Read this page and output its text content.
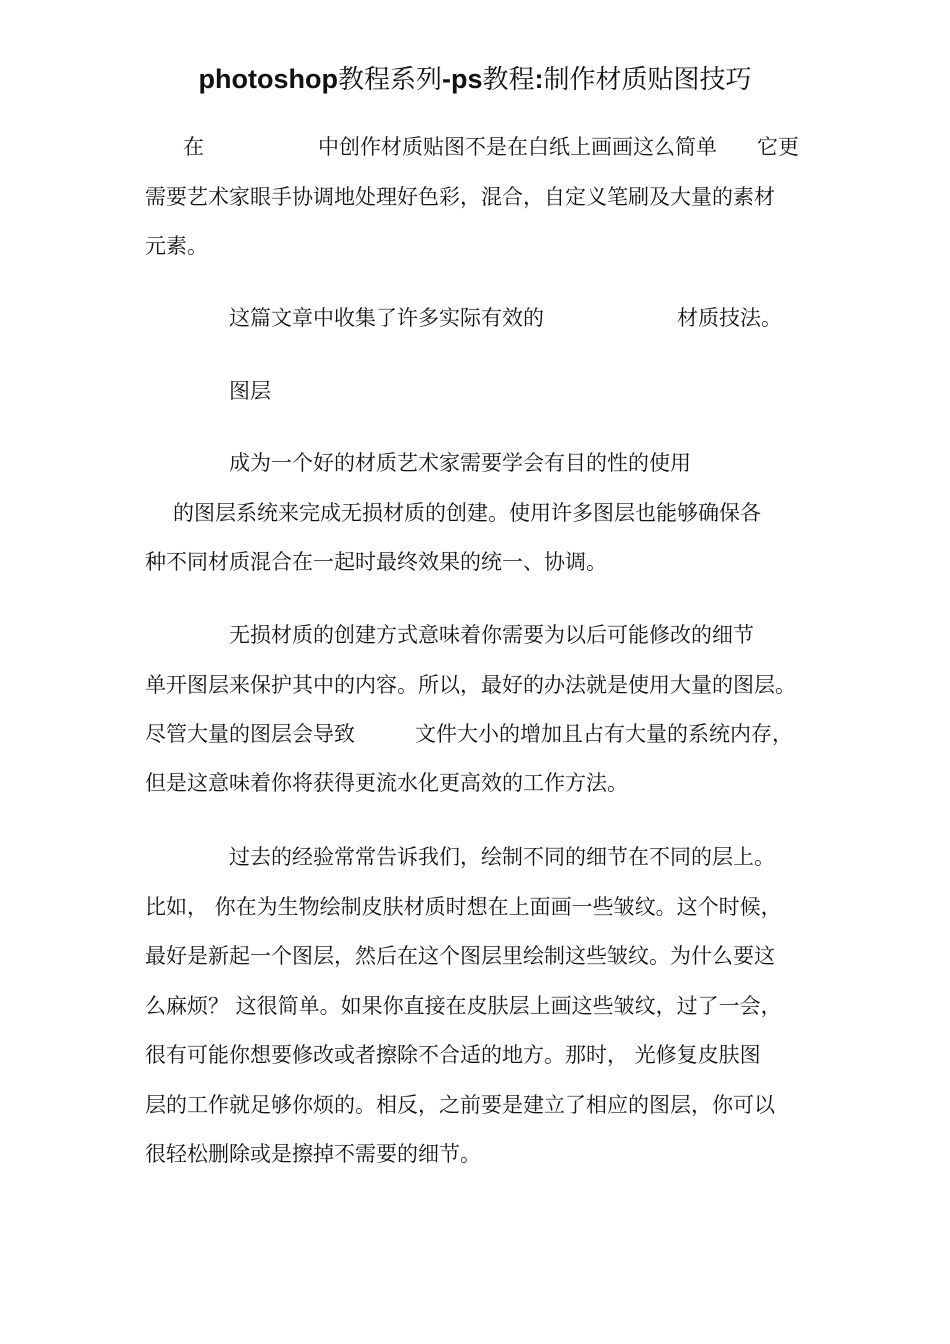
photoshop教程系列-ps教程:制作材质贴图技巧
在	中创作材质贴图不是在白纸上画画这么简单 它更
需要艺术家眼手协调地处理好色彩，混合，自定义笔刷及大量的素材
元素。
这篇文章中收集了许多实际有效的	材质技法。
图层
成为一个好的材质艺术家需要学会有目的性的使用
的图层系统来完成无损材质的创建。使用许多图层也能够确保各
种不同材质混合在一起时最终效果的统一、协调。
无损材质的创建方式意味着你需要为以后可能修改的细节
单开图层来保护其中的内容。所以，最好的办法就是使用大量的图层。
尽管大量的图层会导致	文件大小的增加且占有大量的系统内存，
但是这意味着你将获得更流水化更高效的工作方法。
过去的经验常常告诉我们，绘制不同的细节在不同的层上。
比如， 你在为生物绘制皮肤材质时想在上面画一些皱纹。这个时候，
最好是新起一个图层，然后在这个图层里绘制这些皱纹。为什么要这
么麻烦？ 这很简单。如果你直接在皮肤层上画这些皱纹，过了一会，
很有可能你想要修改或者擦除不合适的地方。那时， 光修复皮肤图
层的工作就足够你烦的。相反，之前要是建立了相应的图层，你可以
很轻松删除或是擦掉不需要的细节。
